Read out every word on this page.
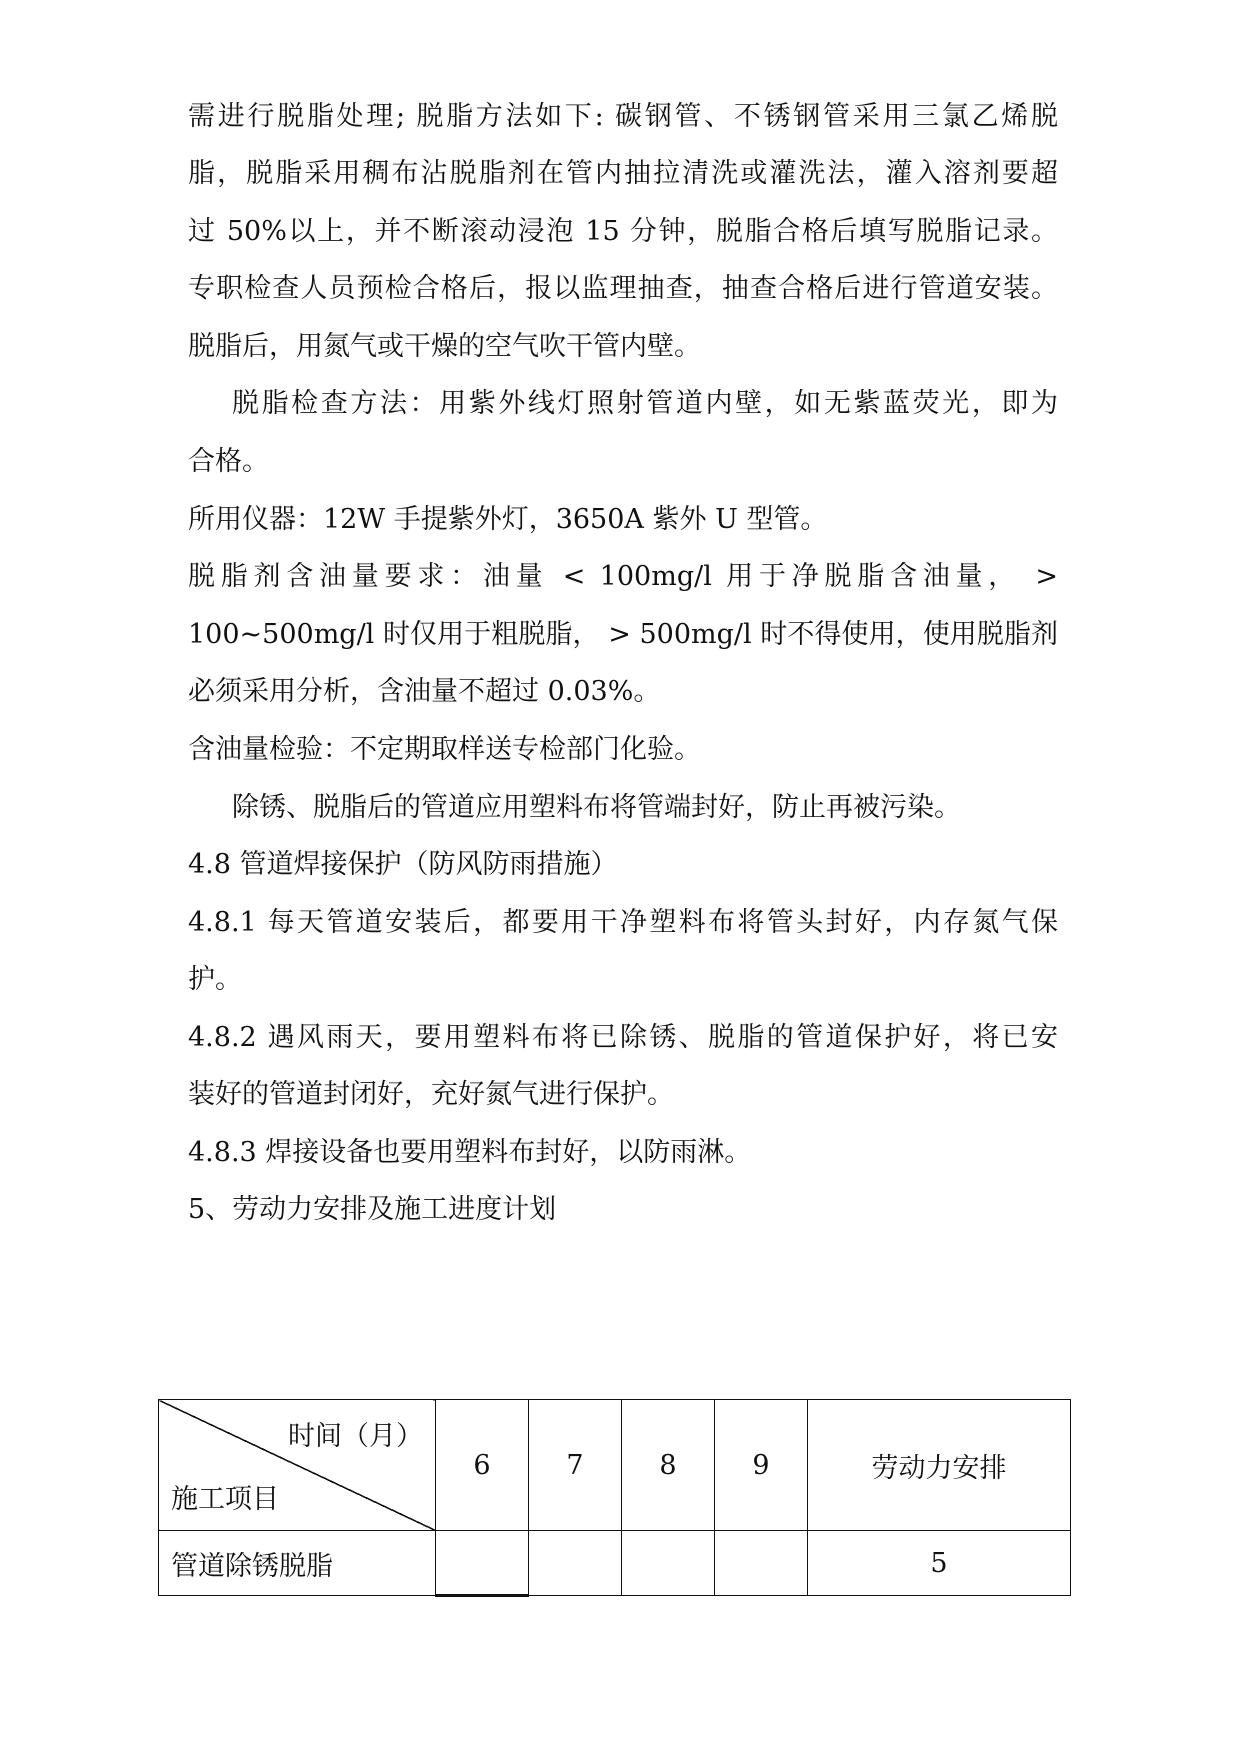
需进行脱脂处理; 脱脂方法如下: 碳钢管、不锈钢管采用三氯乙烯脱
脂，脱脂采用稠布沾脱脂剂在管内抽拉清洗或灌洗法，灌入溶剂要超
过 50%以上，并不断滚动浸泡 15 分钟，脱脂合格后填写脱脂记录。
专职检查人员预检合格后，报以监理抽查，抽查合格后进行管道安装。
脱脂后，用氮气或干燥的空气吹干管内壁。
脱脂检查方法：用紫外线灯照射管道内壁，如无紫蓝荧光，即为
合格。
所用仪器：12W 手提紫外灯，3650A 紫外 U 型管。
脱脂剂含油量要求：油量 < 100mg/l 用于净脱脂含油量， >
100~500mg/l 时仅用于粗脱脂， > 500mg/l 时不得使用，使用脱脂剂
必须采用分析，含油量不超过 0.03%。
含油量检验：不定期取样送专检部门化验。
除锈、脱脂后的管道应用塑料布将管端封好，防止再被污染。
4.8 管道焊接保护（防风防雨措施）
4.8.1 每天管道安装后，都要用干净塑料布将管头封好，内存氮气保
护。
4.8.2 遇风雨天，要用塑料布将已除锈、脱脂的管道保护好，将已安
装好的管道封闭好，充好氮气进行保护。
4.8.3 焊接设备也要用塑料布封好，以防雨淋。
5、劳动力安排及施工进度计划
时间（月）
施工项目	6	7	8	9	劳动力安排
管道除锈脱脂					5
